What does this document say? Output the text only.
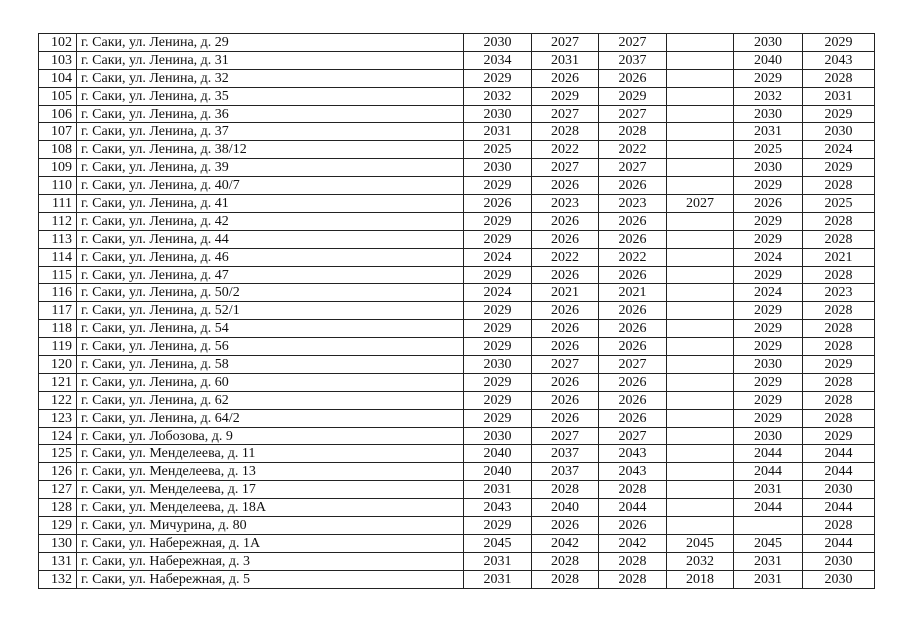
102	г. Саки, ул. Ленина, д. 29	2030	2027	2027		2030	2029
103	г. Саки, ул. Ленина, д. 31	2034	2031	2037		2040	2043
104	г. Саки, ул. Ленина, д. 32	2029	2026	2026		2029	2028
105	г. Саки, ул. Ленина, д. 35	2032	2029	2029		2032	2031
106	г. Саки, ул. Ленина, д. 36	2030	2027	2027		2030	2029
107	г. Саки, ул. Ленина, д. 37	2031	2028	2028		2031	2030
108	г. Саки, ул. Ленина, д. 38/12	2025	2022	2022		2025	2024
109	г. Саки, ул. Ленина, д. 39	2030	2027	2027		2030	2029
110	г. Саки, ул. Ленина, д. 40/7	2029	2026	2026		2029	2028
111	г. Саки, ул. Ленина, д. 41	2026	2023	2023	2027	2026	2025
112	г. Саки, ул. Ленина, д. 42	2029	2026	2026		2029	2028
113	г. Саки, ул. Ленина, д. 44	2029	2026	2026		2029	2028
114	г. Саки, ул. Ленина, д. 46	2024	2022	2022		2024	2021
115	г. Саки, ул. Ленина, д. 47	2029	2026	2026		2029	2028
116	г. Саки, ул. Ленина, д. 50/2	2024	2021	2021		2024	2023
117	г. Саки, ул. Ленина, д. 52/1	2029	2026	2026		2029	2028
118	г. Саки, ул. Ленина, д. 54	2029	2026	2026		2029	2028
119	г. Саки, ул. Ленина, д. 56	2029	2026	2026		2029	2028
120	г. Саки, ул. Ленина, д. 58	2030	2027	2027		2030	2029
121	г. Саки, ул. Ленина, д. 60	2029	2026	2026		2029	2028
122	г. Саки, ул. Ленина, д. 62	2029	2026	2026		2029	2028
123	г. Саки, ул. Ленина, д. 64/2	2029	2026	2026		2029	2028
124	г. Саки, ул. Лобозова, д. 9	2030	2027	2027		2030	2029
125	г. Саки, ул. Менделеева, д. 11	2040	2037	2043		2044	2044
126	г. Саки, ул. Менделеева, д. 13	2040	2037	2043		2044	2044
127	г. Саки, ул. Менделеева, д. 17	2031	2028	2028		2031	2030
128	г. Саки, ул. Менделеева, д. 18А	2043	2040	2044		2044	2044
129	г. Саки, ул. Мичурина, д. 80	2029	2026	2026			2028
130	г. Саки, ул. Набережная, д. 1А	2045	2042	2042	2045	2045	2044
131	г. Саки, ул. Набережная, д. 3	2031	2028	2028	2032	2031	2030
132	г. Саки, ул. Набережная, д. 5	2031	2028	2028	2018	2031	2030
